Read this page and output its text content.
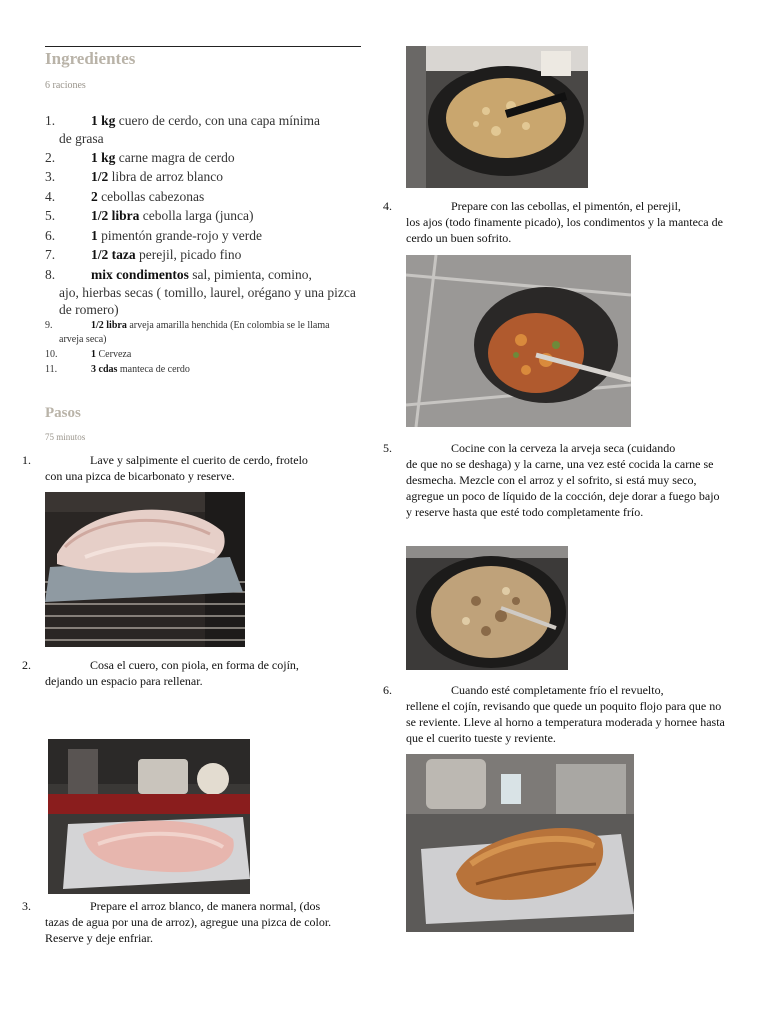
Ingredientes
6 raciones
1.	1 kg cuero de cerdo, con una capa mínima
de grasa
2.	1 kg carne magra de cerdo
3.	1/2 libra de arroz blanco
4.	2 cebollas cabezonas
5.	1/2 libra cebolla larga (junca)
6.	1 pimentón grande-rojo y verde
7.	1/2 taza perejil, picado fino
8.	mix condimentos sal, pimienta, comino,
ajo, hierbas secas ( tomillo, laurel, orégano y una pizca de romero)
9.	1/2 libra arveja amarilla henchida (En colombia se le llama
arveja seca)
10.	1 Cerveza
11.	3 cdas manteca de cerdo
Pasos
75 minutos
1.	Lave y salpimente el cuerito de cerdo, frotelo
con una pizca de bicarbonato y reserve.
2.	Cosa el cuero, con piola, en forma de cojín,
dejando un espacio para rellenar.
3.	Prepare el arroz blanco, de manera normal, (dos
tazas de agua por una de arroz), agregue una pizca de color. Reserve y deje enfriar.
4.	Prepare con las cebollas, el pimentón, el perejil,
los ajos (todo finamente picado), los condimentos y la manteca de cerdo un buen sofrito.
5.	Cocine con la cerveza la arveja seca (cuidando
de que no se deshaga) y la carne, una vez esté cocida la carne se desmecha. Mezcle con el arroz y el sofrito, si está muy seco, agregue un poco de líquido de la cocción, deje dorar a fuego bajo y reserve hasta que esté todo completamente frío.
6.	Cuando esté completamente frío el revuelto,
rellene el cojín, revisando que quede un poquito flojo para que no se reviente. Lleve al horno a temperatura moderada y hornee hasta que el cuerito tueste y reviente.
